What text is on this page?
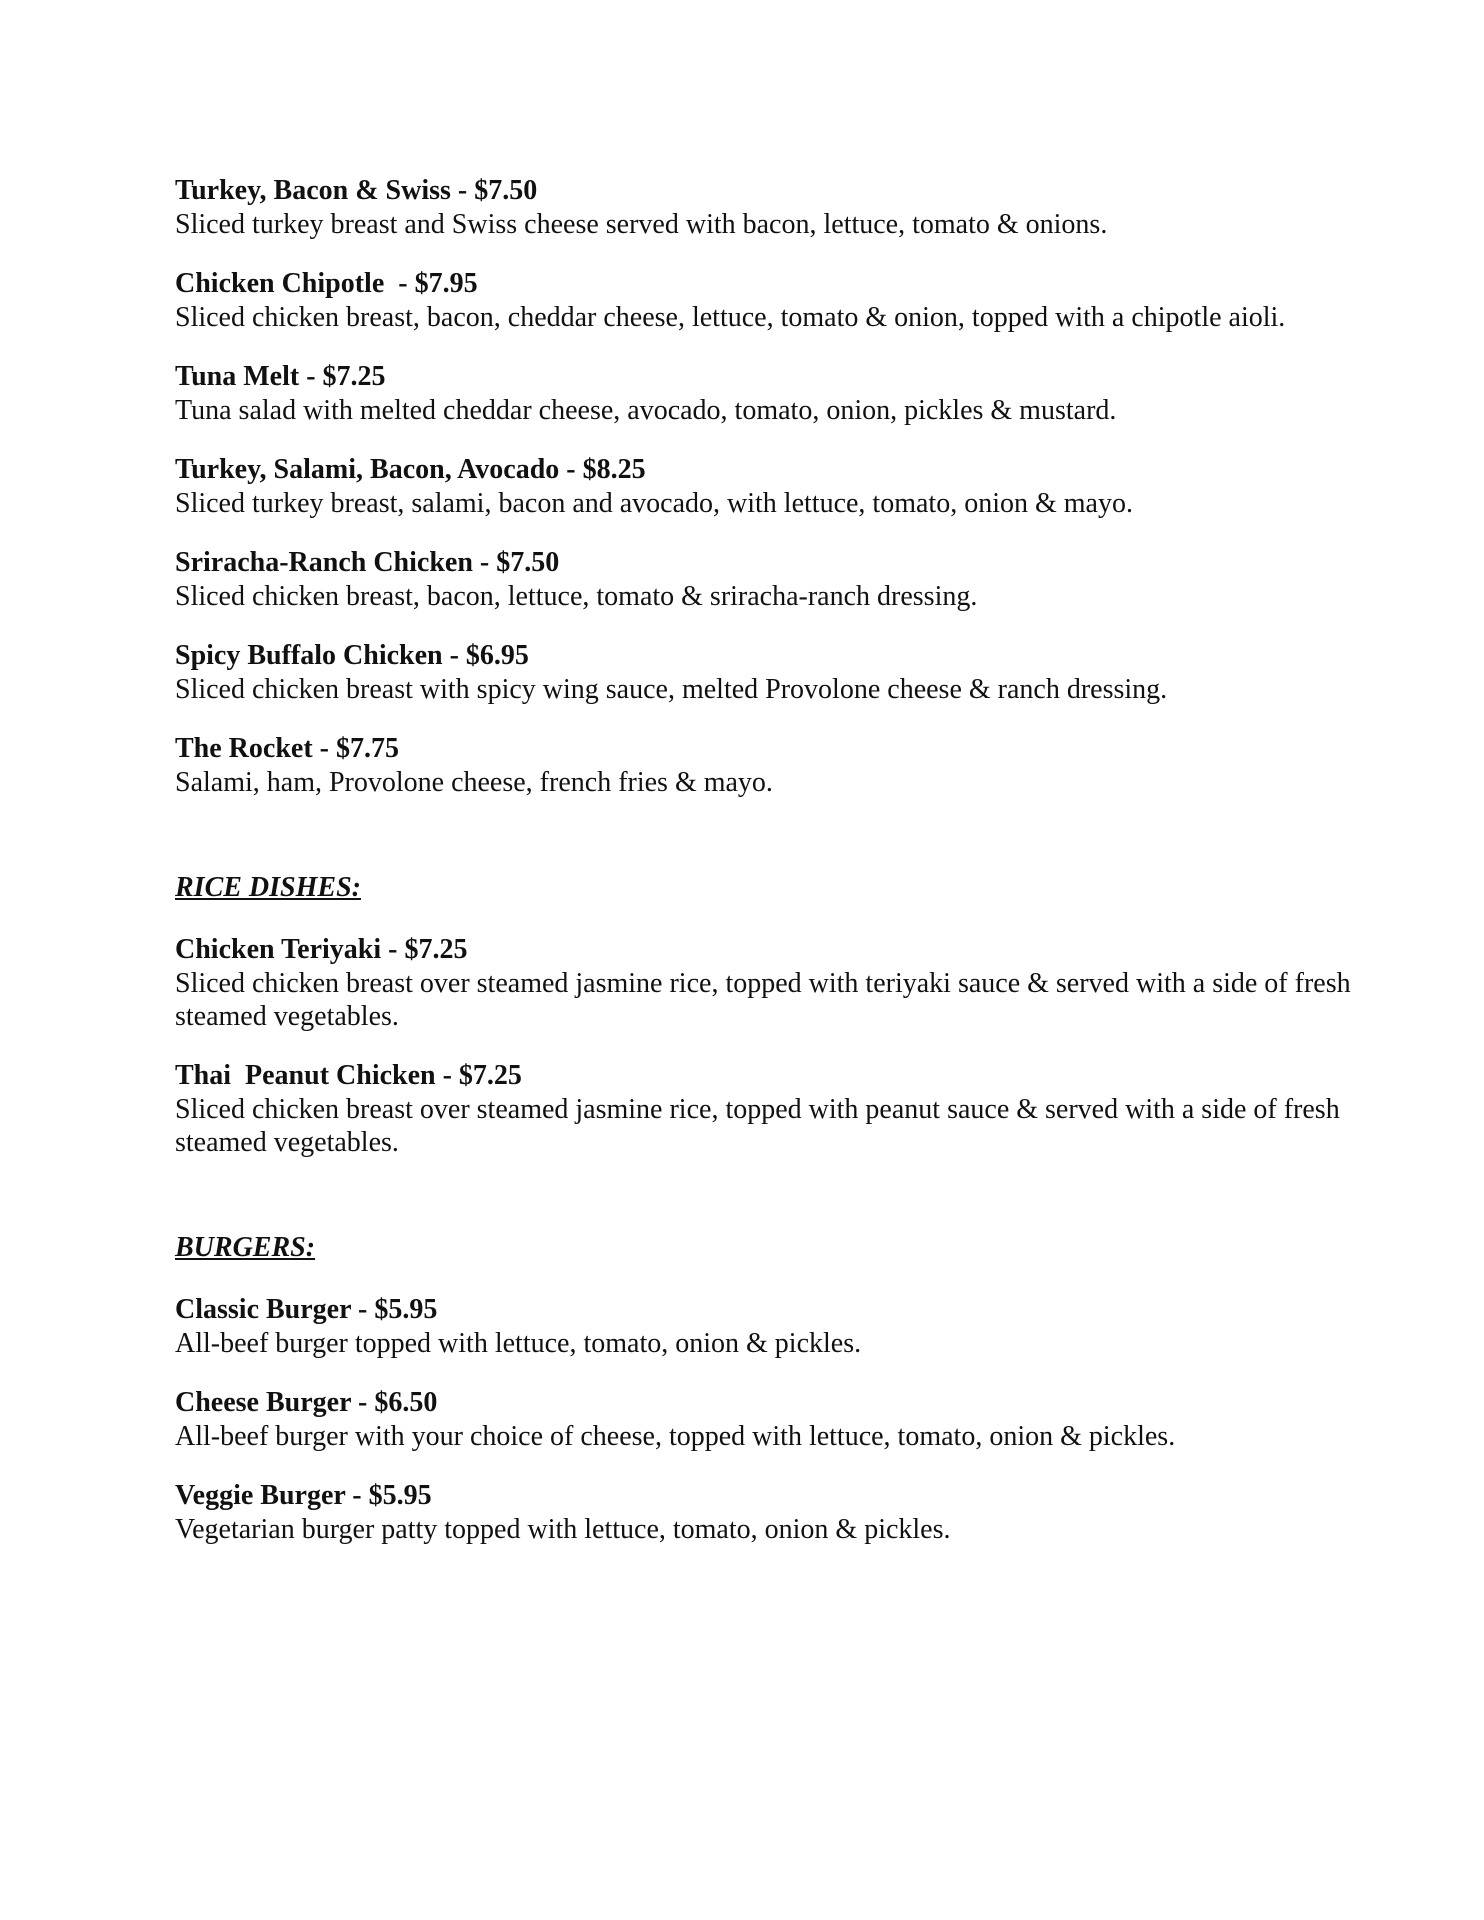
Turkey, Bacon & Swiss - $7.50
Sliced turkey breast and Swiss cheese served with bacon, lettuce, tomato & onions.
Chicken Chipotle  - $7.95
Sliced chicken breast, bacon, cheddar cheese, lettuce, tomato & onion, topped with a chipotle aioli.
Tuna Melt - $7.25
Tuna salad with melted cheddar cheese, avocado, tomato, onion, pickles & mustard.
Turkey, Salami, Bacon, Avocado - $8.25
Sliced turkey breast, salami, bacon and avocado, with lettuce, tomato, onion & mayo.
Sriracha-Ranch Chicken - $7.50
Sliced chicken breast, bacon, lettuce, tomato & sriracha-ranch dressing.
Spicy Buffalo Chicken - $6.95
Sliced chicken breast with spicy wing sauce, melted Provolone cheese & ranch dressing.
The Rocket - $7.75
Salami, ham, Provolone cheese, french fries & mayo.
RICE DISHES:
Chicken Teriyaki - $7.25
Sliced chicken breast over steamed jasmine rice, topped with teriyaki sauce & served with a side of fresh steamed vegetables.
Thai  Peanut Chicken - $7.25
Sliced chicken breast over steamed jasmine rice, topped with peanut sauce & served with a side of fresh steamed vegetables.
BURGERS:
Classic Burger - $5.95
All-beef burger topped with lettuce, tomato, onion & pickles.
Cheese Burger - $6.50
All-beef burger with your choice of cheese, topped with lettuce, tomato, onion & pickles.
Veggie Burger - $5.95
Vegetarian burger patty topped with lettuce, tomato, onion & pickles.
